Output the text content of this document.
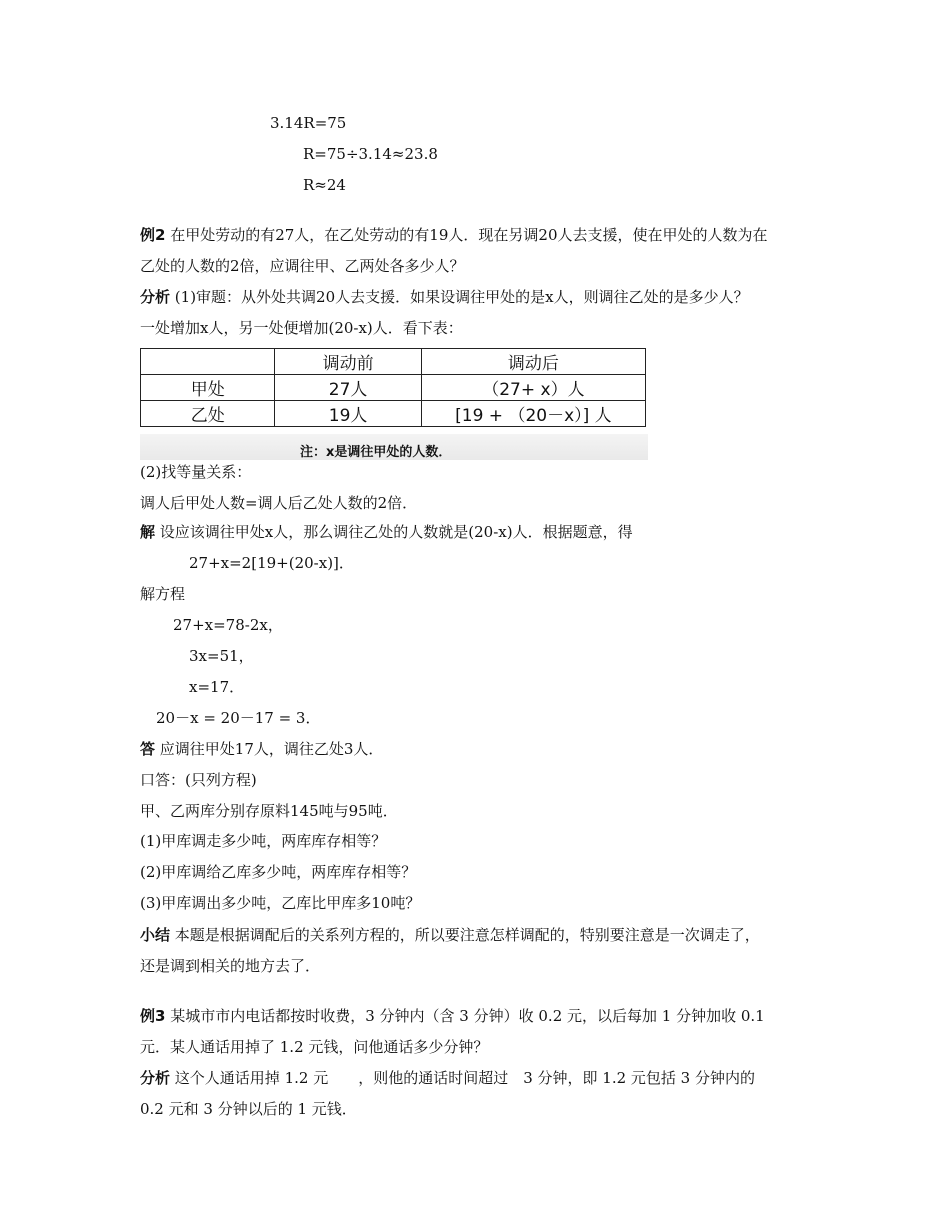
3.14R=75
R=75÷3.14≈23.8
R≈24
例2 在甲处劳动的有27人，在乙处劳动的有19人．现在另调20人去支援，使在甲处的人数为在
乙处的人数的2倍，应调往甲、乙两处各多少人？
分析 (1)审题：从外处共调20人去支援．如果设调往甲处的是x人，则调往乙处的是多少人？
一处增加x人，另一处便增加(20-x)人．看下表：
	调动前	调动后
甲处	27人	（27+ x）人
乙处	19人	[19 + （20－x）] 人
注：x是调往甲处的人数．
(2)找等量关系：
调人后甲处人数=调人后乙处人数的2倍．
解 设应该调往甲处x人，那么调往乙处的人数就是(20-x)人．根据题意，得
27+x=2[19+(20-x)]．
解方程
27+x=78-2x，
3x=51，
x=17．
20－x = 20－17 = 3．
答 应调往甲处17人，调往乙处3人．
口答：(只列方程)
甲、乙两库分别存原料145吨与95吨．
(1)甲库调走多少吨，两库库存相等？
(2)甲库调给乙库多少吨，两库库存相等？
(3)甲库调出多少吨，乙库比甲库多10吨？
小结 本题是根据调配后的关系列方程的，所以要注意怎样调配的，特别要注意是一次调走了，
还是调到相关的地方去了．
例3 某城市市内电话都按时收费，3 分钟内（含 3 分钟）收 0.2 元，以后每加 1 分钟加收 0.1
元．某人通话用掉了 1.2 元钱，问他通话多少分钟？
分析 这个人通话用掉 1.2 元　　，则他的通话时间超过　3 分钟，即 1.2 元包括 3 分钟内的
0.2 元和 3 分钟以后的 1 元钱．
